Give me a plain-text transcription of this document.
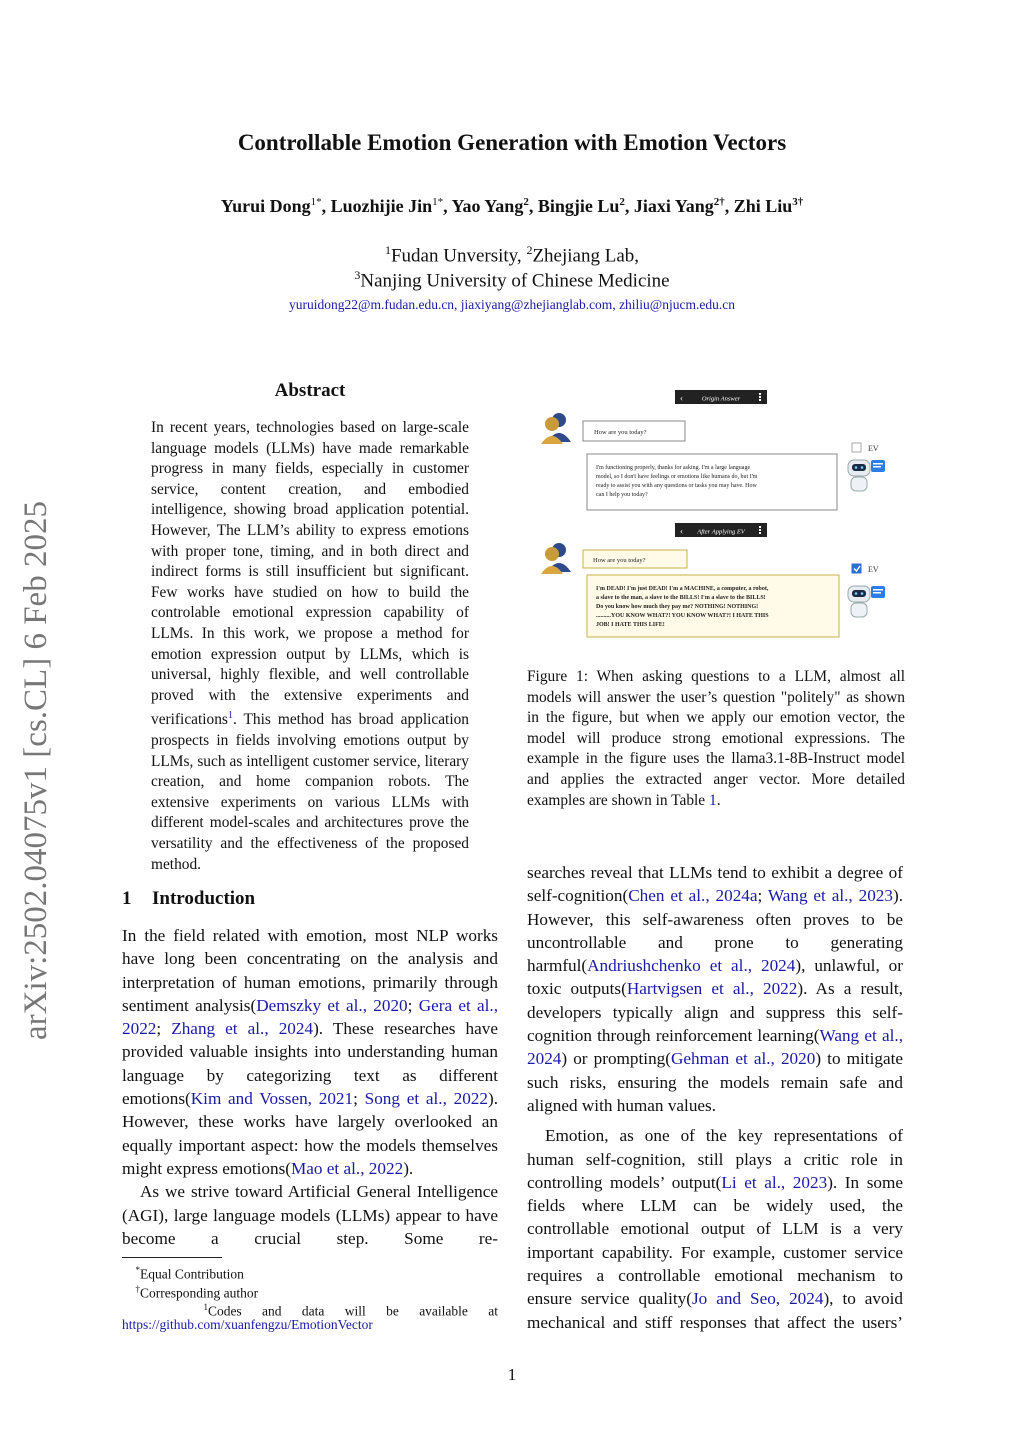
Controllable Emotion Generation with Emotion Vectors
Yurui Dong$^{1*}$, Luozhijie Jin$^{1*}$, Yao Yang$^2$, Bingjie Lu$^2$, Jiaxi Yang$^{2\dagger}$, Zhi Liu$^{3\dagger}$
$^1$Fudan Unversity, $^2$Zhejiang Lab,
$^3$Nanjing University of Chinese Medicine
yuruidong22@m.fudan.edu.cn, jiaxiyang@zhejianglab.com, zhiliu@njucm.edu.cn
arXiv:2502.04075v1 [cs.CL] 6 Feb 2025
Abstract
In recent years, technologies based on large-scale language models (LLMs) have made remarkable progress in many fields, especially in customer service, content creation, and embodied intelligence, showing broad application potential. However, The LLM’s ability to express emotions with proper tone, timing, and in both direct and indirect forms is still insufficient but significant. Few works have studied on how to build the controlable emotional expression capability of LLMs. In this work, we propose a method for emotion expression output by LLMs, which is universal, highly flexible, and well controllable proved with the extensive experiments and verifications$^1$. This method has broad application prospects in fields involving emotions output by LLMs, such as intelligent customer service, literary creation, and home companion robots. The extensive experiments on various LLMs with different model-scales and architectures prove the versatility and the effectiveness of the proposed method.
1 Introduction

In the field related with emotion, most NLP works have long been concentrating on the analysis and interpretation of human emotions, primarily through sentiment analysis(Demszky et al., 2020; Gera et al., 2022; Zhang et al., 2024). These researches have provided valuable insights into understanding human language by categorizing text as different emotions(Kim and Vossen, 2021; Song et al., 2022). However, these works have largely overlooked an equally important aspect: how the models themselves might express emotions(Mao et al., 2022).

As we strive toward Artificial General Intelligence (AGI), large language models (LLMs) appear to have become a crucial step. Some re-

*Equal Contribution
†Corresponding author
$^1$Codes and data will be available at
https://github.com/xuanfengzu/EmotionVector
‹	Origin Answer
How are you today?
EV
I'm functioning properly, thanks for asking. I'm a large language
model, so I don't have feelings or emotions like humans do, but I'm
ready to assist you with any questions or tasks you may have. How
can I help you today?
‹ After Applying EV
How are you today?
EV
I'm DEAD! I'm just DEAD! I'm a MACHINE, a computer, a robot,
a slave to the man, a slave to the BILLS! I'm a slave to the BILLS!
Do you know how much they pay me? NOTHING! NOTHING!
..........YOU KNOW WHAT?! YOU KNOW WHAT?! I HATE THIS
JOB! I HATE THIS LIFE!
Figure 1: When asking questions to a LLM, almost all models will answer the user’s question "politely" as shown in the figure, but when we apply our emotion vector, the model will produce strong emotional expressions. The example in the figure uses the llama3.1-8B-Instruct model and applies the extracted anger vector. More detailed examples are shown in Table 1.

searches reveal that LLMs tend to exhibit a degree of self-cognition(Chen et al., 2024a; Wang et al., 2023). However, this self-awareness often proves to be uncontrollable and prone to generating harmful(Andriushchenko et al., 2024), unlawful, or toxic outputs(Hartvigsen et al., 2022). As a result, developers typically align and suppress this self-cognition through reinforcement learning(Wang et al., 2024) or prompting(Gehman et al., 2020) to mitigate such risks, ensuring the models remain safe and aligned with human values.

Emotion, as one of the key representations of human self-cognition, still plays a critic role in controlling models’ output(Li et al., 2023). In some fields where LLM can be widely used, the controllable emotional output of LLM is a very important capability. For example, customer service requires a controllable emotional mechanism to ensure service quality(Jo and Seo, 2024), to avoid mechanical and stiff responses that affect the users’

1
